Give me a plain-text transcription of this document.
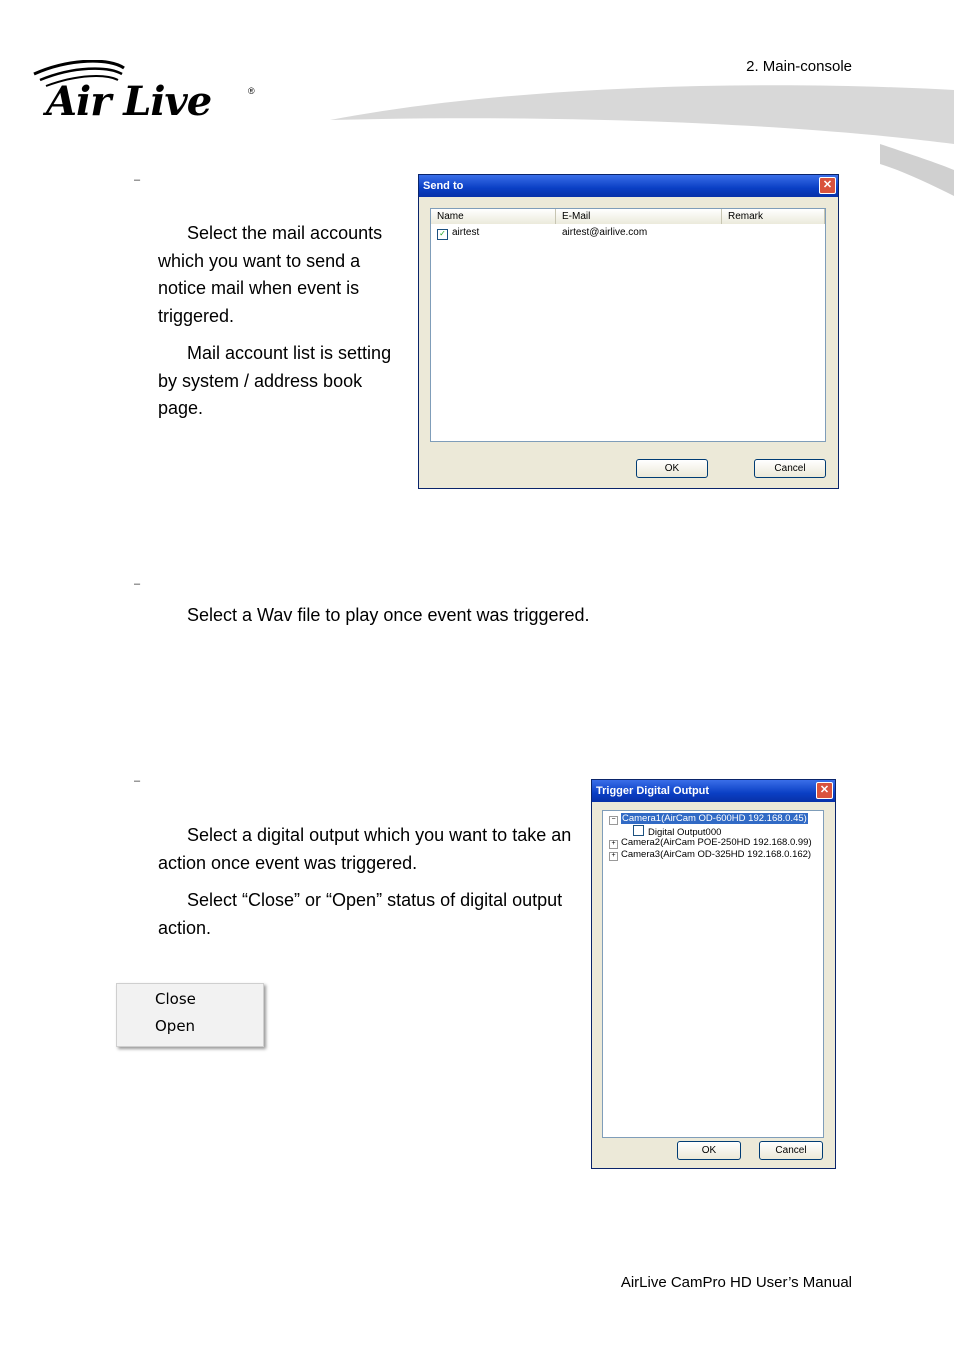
Air Live	®
2. Main-console
–

Select the mail accounts which you want to send a notice mail when event is triggered.

Mail account list is setting by system / address book page.

Send to	✕
Name	E-Mail	Remark
✓ airtest	airtest@airlive.com
OK	Cancel
–

Select a Wav file to play once event was triggered.

–

Select a digital output which you want to take an action once event was triggered.

Select “Close” or “Open” status of digital output action.

Close
Open
Trigger Digital Output	✕
− Camera1(AirCam OD-600HD 192.168.0.45)
Digital Output000
+ Camera2(AirCam POE-250HD 192.168.0.99)
+ Camera3(AirCam OD-325HD 192.168.0.162)
OK	Cancel
AirLive CamPro HD User’s Manual
